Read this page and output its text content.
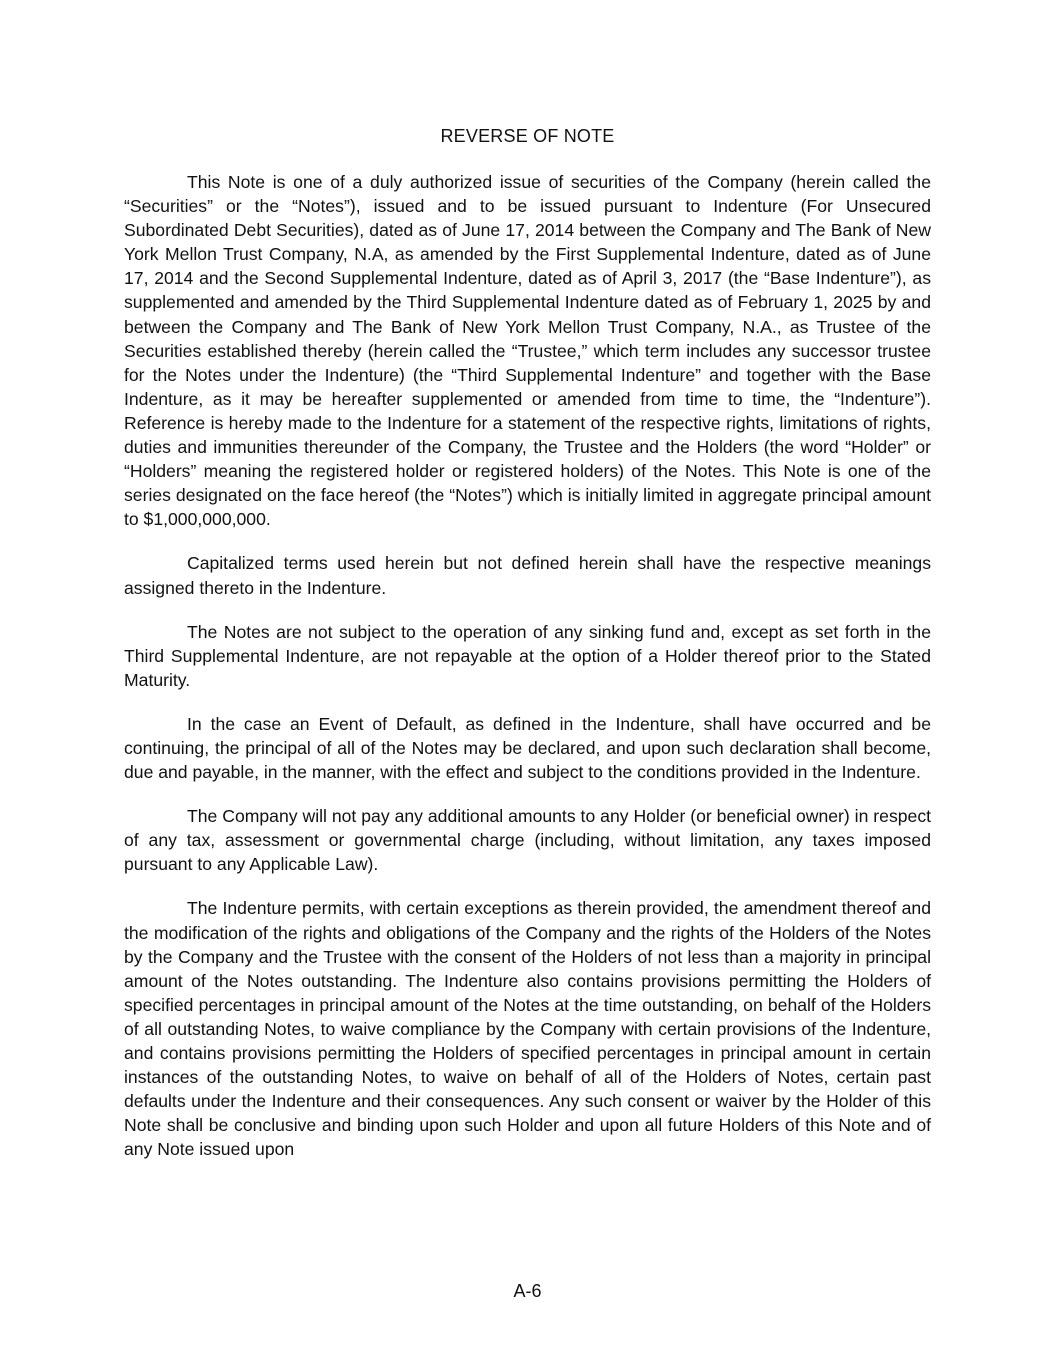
REVERSE OF NOTE

This Note is one of a duly authorized issue of securities of the Company (herein called the “Securities” or the “Notes”), issued and to be issued pursuant to Indenture (For Unsecured Subordinated Debt Securities), dated as of June 17, 2014 between the Company and The Bank of New York Mellon Trust Company, N.A, as amended by the First Supplemental Indenture, dated as of June 17, 2014 and the Second Supplemental Indenture, dated as of April 3, 2017 (the “Base Indenture”), as supplemented and amended by the Third Supplemental Indenture dated as of February 1, 2025 by and between the Company and The Bank of New York Mellon Trust Company, N.A., as Trustee of the Securities established thereby (herein called the “Trustee,” which term includes any successor trustee for the Notes under the Indenture) (the “Third Supplemental Indenture” and together with the Base Indenture, as it may be hereafter supplemented or amended from time to time, the “Indenture”). Reference is hereby made to the Indenture for a statement of the respective rights, limitations of rights, duties and immunities thereunder of the Company, the Trustee and the Holders (the word “Holder” or “Holders” meaning the registered holder or registered holders) of the Notes. This Note is one of the series designated on the face hereof (the “Notes”) which is initially limited in aggregate principal amount to $1,000,000,000.

Capitalized terms used herein but not defined herein shall have the respective meanings assigned thereto in the Indenture.

The Notes are not subject to the operation of any sinking fund and, except as set forth in the Third Supplemental Indenture, are not repayable at the option of a Holder thereof prior to the Stated Maturity.

In the case an Event of Default, as defined in the Indenture, shall have occurred and be continuing, the principal of all of the Notes may be declared, and upon such declaration shall become, due and payable, in the manner, with the effect and subject to the conditions provided in the Indenture.

The Company will not pay any additional amounts to any Holder (or beneficial owner) in respect of any tax, assessment or governmental charge (including, without limitation, any taxes imposed pursuant to any Applicable Law).

The Indenture permits, with certain exceptions as therein provided, the amendment thereof and the modification of the rights and obligations of the Company and the rights of the Holders of the Notes by the Company and the Trustee with the consent of the Holders of not less than a majority in principal amount of the Notes outstanding. The Indenture also contains provisions permitting the Holders of specified percentages in principal amount of the Notes at the time outstanding, on behalf of the Holders of all outstanding Notes, to waive compliance by the Company with certain provisions of the Indenture, and contains provisions permitting the Holders of specified percentages in principal amount in certain instances of the outstanding Notes, to waive on behalf of all of the Holders of Notes, certain past defaults under the Indenture and their consequences. Any such consent or waiver by the Holder of this Note shall be conclusive and binding upon such Holder and upon all future Holders of this Note and of any Note issued upon

A-6
